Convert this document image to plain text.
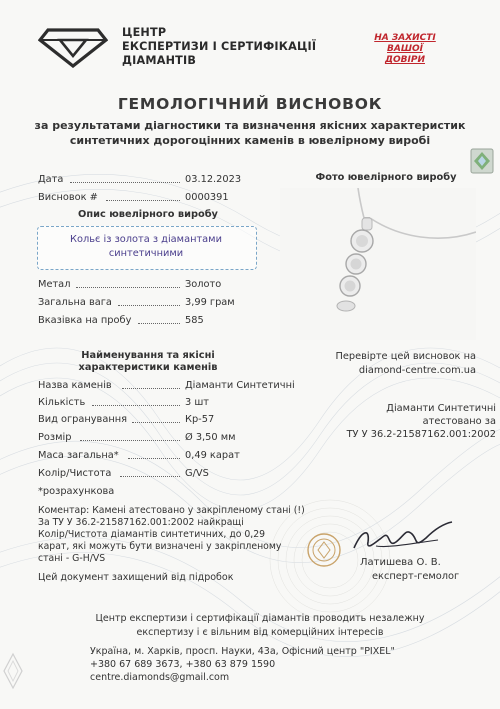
ЦЕНТР
ЕКСПЕРТИЗИ І СЕРТИФІКАЦІЇ
ДІАМАНТІВ
НА ЗАХИСТІ
ВАШОЇ
ДОВІРИ
ГЕМОЛОГІЧНИЙ ВИСНОВОК
за результатами діагностики та визначення якісних характеристик
синтетичних дорогоцінних каменів в ювелірному виробі
Дата	03.12.2023
Висновок #	0000391
Опис ювелірного виробу
Кольє із золота з діамантами
синтетичними
Метал	Золото
Загальна вага	3,99 грам
Вказівка на пробу	585
Найменування та якісні
характеристики каменів
Назва каменів	Діаманти Синтетичні
Кількість	3 шт
Вид огранування	Кр-57
Розмір	Ø 3,50 мм
Маса загальна*	0,49 карат
Колір/Чистота	G/VS
*розрахункова
Фото ювелірного виробу
Перевірте цей висновок на
diamond-centre.com.ua
Діаманти Синтетичні
атестовано за
ТУ У 36.2-21587162.001:2002
Коментар: Камені атестовано у закріпленому стані (!)
За ТУ У 36.2-21587162.001:2002 найкращі
Колір/Чистота діамантів синтетичних, до 0,29
карат, які можуть бути визначені у закріпленому
стані - G-H/VS
Цей документ захищений від підробок
Латишева О. В.
експерт-гемолог
Центр експертизи і сертифікації діамантів проводить незалежну
експертизу і є вільним від комерційних інтересів
Україна, м. Харків, просп. Науки, 43а, Офісний центр "PIXEL"
+380 67 689 3673, +380 63 879 1590
centre.diamonds@gmail.com
